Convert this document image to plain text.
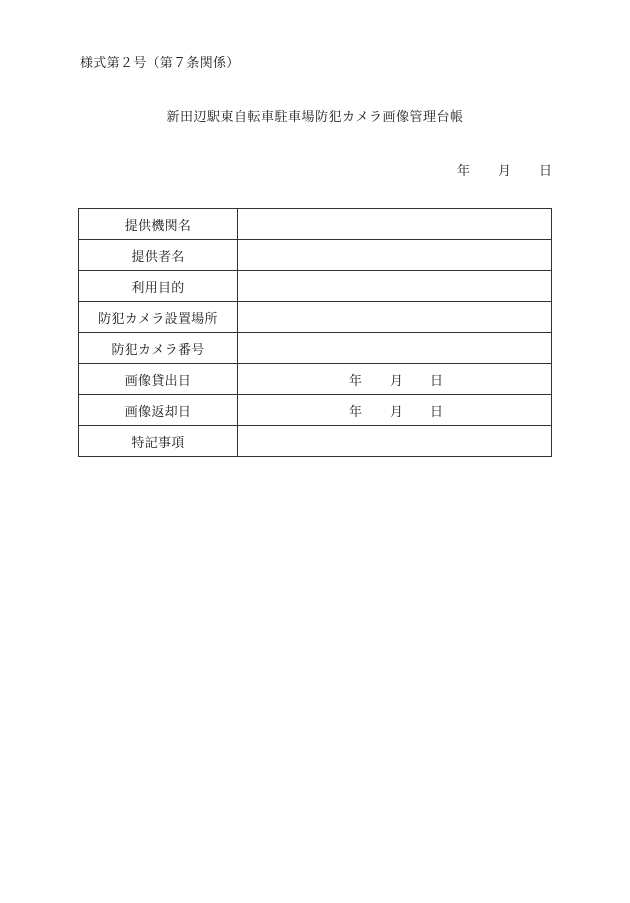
様式第２号（第７条関係）
新田辺駅東自転車駐車場防犯カメラ画像管理台帳
年 月 日
提供機関名	
提供者名	
利用目的	
防犯カメラ設置場所	
防犯カメラ番号	
画像貸出日	年 月 日

画像返却日	年 月 日

特記事項	
